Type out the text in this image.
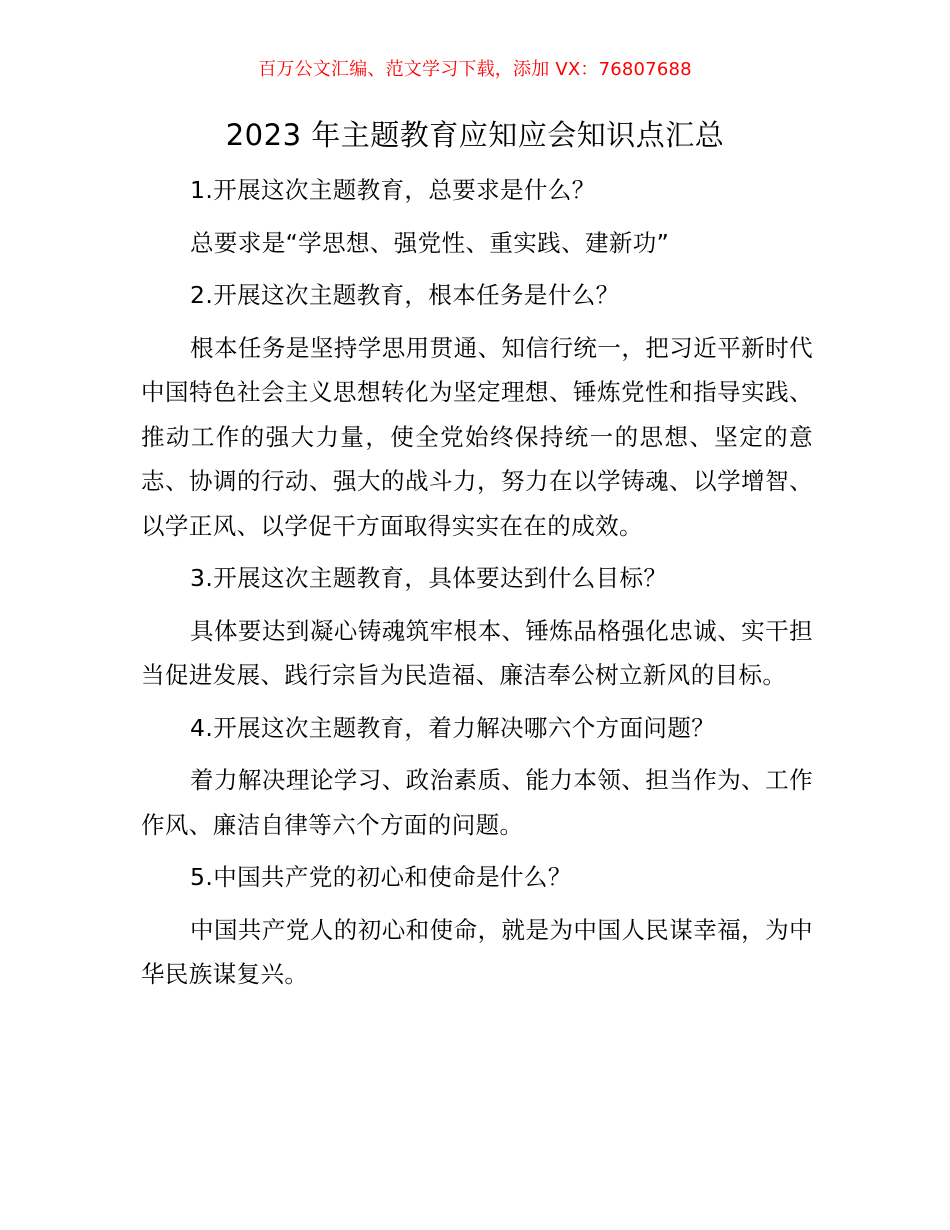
百万公文汇编、范文学习下载，添加 VX：76807688
2023 年主题教育应知应会知识点汇总

1.开展这次主题教育，总要求是什么？

总要求是“学思想、强党性、重实践、建新功”

2.开展这次主题教育，根本任务是什么？

根本任务是坚持学思用贯通、知信行统一，把习近平新时代中国特色社会主义思想转化为坚定理想、锤炼党性和指导实践、推动工作的强大力量，使全党始终保持统一的思想、坚定的意志、协调的行动、强大的战斗力，努力在以学铸魂、以学增智、以学正风、以学促干方面取得实实在在的成效。

3.开展这次主题教育，具体要达到什么目标？

具体要达到凝心铸魂筑牢根本、锤炼品格强化忠诚、实干担当促进发展、践行宗旨为民造福、廉洁奉公树立新风的目标。

4.开展这次主题教育，着力解决哪六个方面问题？

着力解决理论学习、政治素质、能力本领、担当作为、工作作风、廉洁自律等六个方面的问题。

5.中国共产党的初心和使命是什么？

中国共产党人的初心和使命，就是为中国人民谋幸福，为中华民族谋复兴。
